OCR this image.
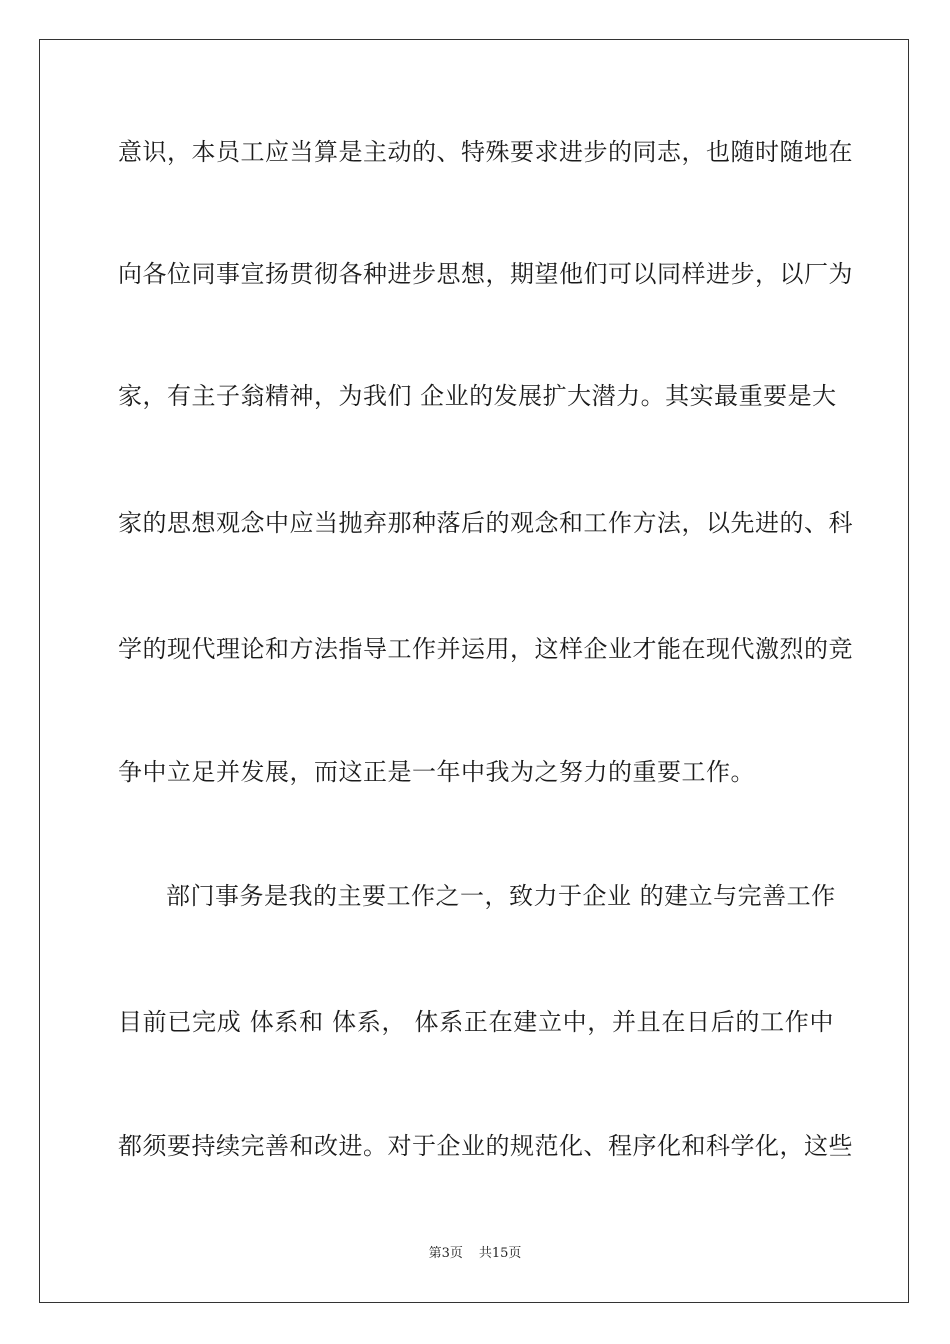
意识，本员工应当算是主动的、特殊要求进步的同志，也随时随地在
向各位同事宣扬贯彻各种进步思想，期望他们可以同样进步，以厂为
家，有主子翁精神，为我们 企业的发展扩大潜力。其实最重要是大
家的思想观念中应当抛弃那种落后的观念和工作方法，以先进的、科
学的现代理论和方法指导工作并运用，这样企业才能在现代激烈的竞
争中立足并发展，而这正是一年中我为之努力的重要工作。
部门事务是我的主要工作之一，致力于企业 的建立与完善工作
目前已完成 体系和 体系， 体系正在建立中，并且在日后的工作中
都须要持续完善和改进。对于企业的规范化、程序化和科学化，这些
第3页 共15页
